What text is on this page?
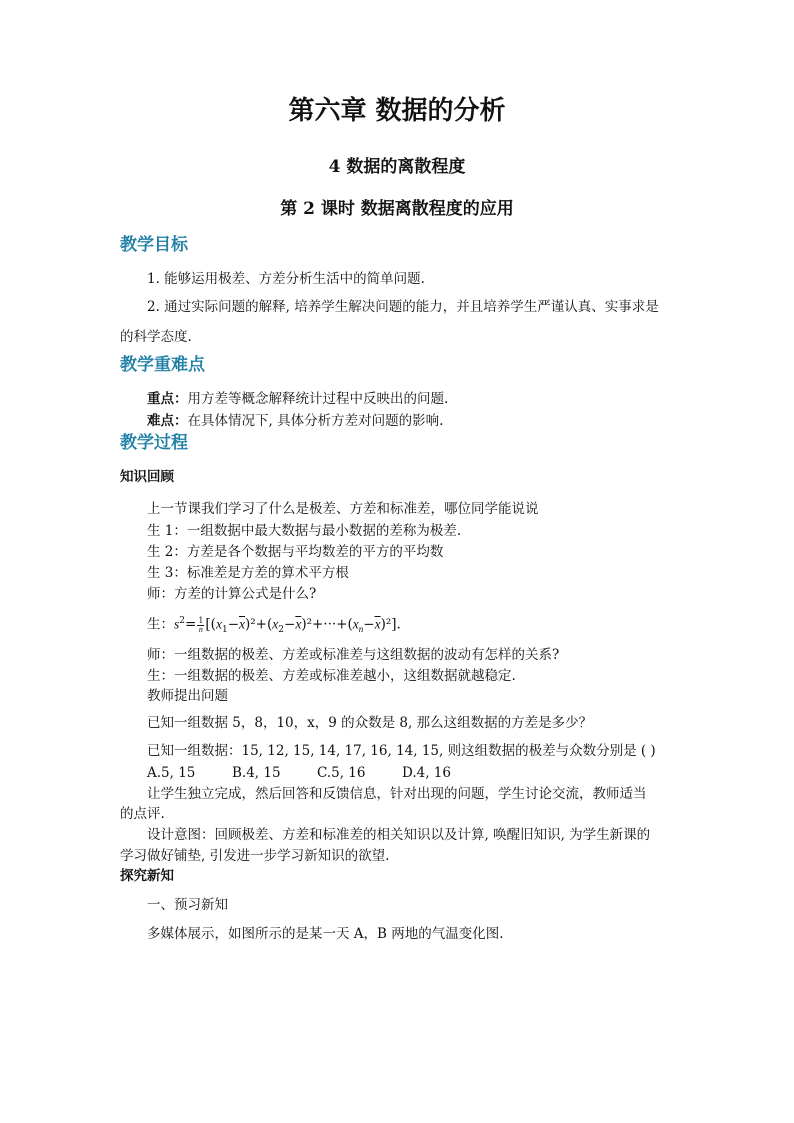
第六章 数据的分析
4 数据的离散程度
第 2 课时 数据离散程度的应用
教学目标
1. 能够运用极差、方差分析生活中的简单问题.
2. 通过实际问题的解释, 培养学生解决问题的能力，并且培养学生严谨认真、实事求是
的科学态度.
教学重难点
重点：用方差等概念解释统计过程中反映出的问题.
难点：在具体情况下, 具体分析方差对问题的影响.
教学过程
知识回顾
上一节课我们学习了什么是极差、方差和标准差，哪位同学能说说
生 1：一组数据中最大数据与最小数据的差称为极差.
生 2：方差是各个数据与平均数差的平方的平均数
生 3：标准差是方差的算术平方根
师：方差的计算公式是什么?
生：$s^2= \frac{1}{n} [(x_1-\overline{x})^2+(x_2-\overline{x})^2+\cdot\cdot\cdot+(x_n-\overline{x})^2]$.
师：一组数据的极差、方差或标准差与这组数据的波动有怎样的关系?
生：一组数据的极差、方差或标准差越小，这组数据就越稳定.
教师提出问题
已知一组数据 5，8，10，x，9 的众数是 8, 那么这组数据的方差是多少？
已知一组数据：15, 12, 15, 14, 17, 16, 14, 15, 则这组数据的极差与众数分别是 ( )
A.5, 15	B.4, 15	C.5, 16	D.4, 16
让学生独立完成，然后回答和反馈信息，针对出现的问题，学生讨论交流，教师适当
的点评.
设计意图：回顾极差、方差和标准差的相关知识以及计算, 唤醒旧知识, 为学生新课的
学习做好铺垫, 引发进一步学习新知识的欲望.
探究新知
一、预习新知
多媒体展示，如图所示的是某一天 A，B 两地的气温变化图.
